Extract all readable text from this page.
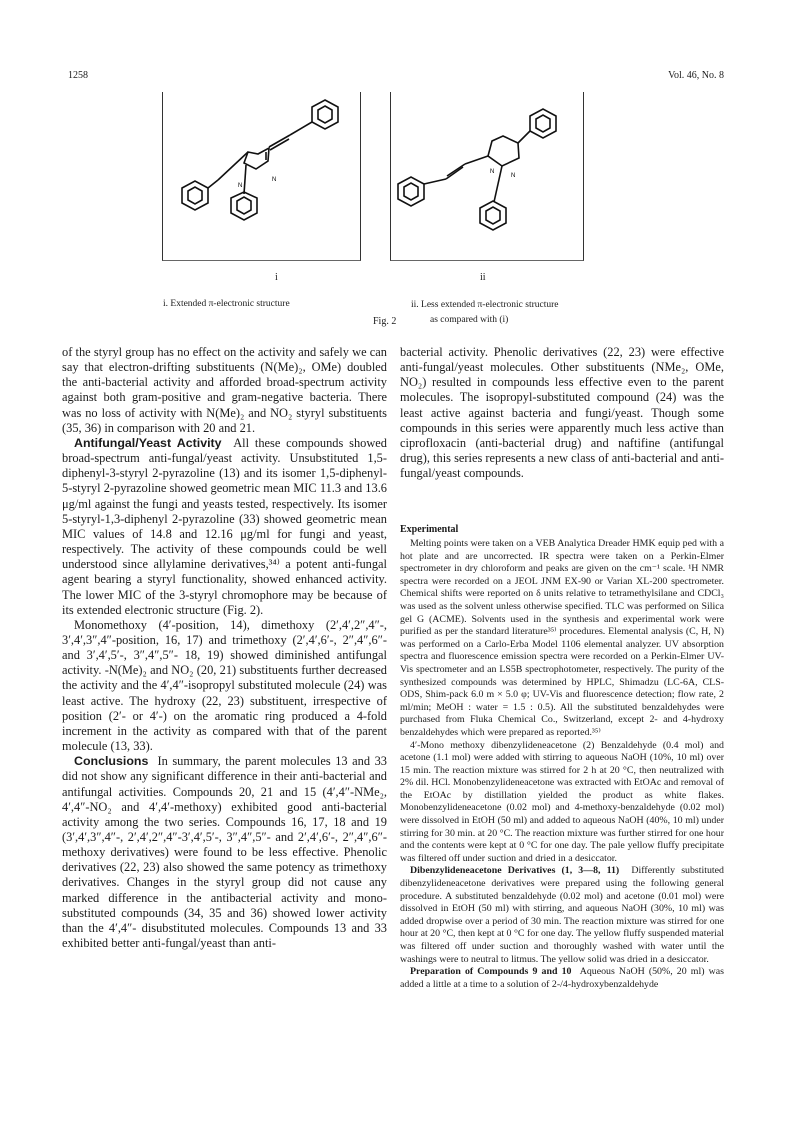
1258	Vol. 46, No. 8
N
N
N
N
i	ii
i. Extended π-electronic structure	ii. Less extended π-electronic structure
as compared with (i)
Fig. 2

of the styryl group has no effect on the activity and safely we can say that electron-drifting substituents (N(Me)₂, OMe) doubled the anti-bacterial activity and afforded broad-spectrum activity against both gram-positive and gram-negative bacteria. There was no loss of activity with N(Me)₂ and NO₂ styryl substituents (35, 36) in comparison with 20 and 21.

Antifungal/Yeast Activity All these compounds showed broad-spectrum anti-fungal/yeast activity. Unsubstituted 1,5-diphenyl-3-styryl 2-pyrazoline (13) and its isomer 1,5-diphenyl-5-styryl 2-pyrazoline showed geometric mean MIC 11.3 and 13.6 μg/ml against the fungi and yeasts tested, respectively. Its isomer 5-styryl-1,3-diphenyl 2-pyrazoline (33) showed geometric mean MIC values of 14.8 and 12.16 μg/ml for fungi and yeast, respectively. The activity of these compounds could be well understood since allylamine derivatives,³⁴⁾ a potent anti-fungal agent bearing a styryl functionality, showed enhanced activity. The lower MIC of the 3-styryl chromophore may be because of its extended electronic structure (Fig. 2).

Monomethoxy (4′-position, 14), dimethoxy (2′,4′,2″,4″-, 3′,4′,3″,4″-position, 16, 17) and trimethoxy (2′,4′,6′-, 2″,4″,6″- and 3′,4′,5′-, 3″,4″,5″- 18, 19) showed diminished antifungal activity. -N(Me)₂ and NO₂ (20, 21) substituents further decreased the activity and the 4′,4″-isopropyl substituted molecule (24) was least active. The hydroxy (22, 23) substituent, irrespective of position (2′- or 4′-) on the aromatic ring produced a 4-fold increment in the activity as compared with that of the parent molecule (13, 33).

Conclusions In summary, the parent molecules 13 and 33 did not show any significant difference in their anti-bacterial and antifungal activities. Compounds 20, 21 and 15 (4′,4″-NMe₂, 4′,4″-NO₂ and 4′,4′-methoxy) exhibited good anti-bacterial activity among the two series. Compounds 16, 17, 18 and 19 (3′,4′,3″,4″-, 2′,4′,2″,4″-3′,4′,5′-, 3″,4″,5″- and 2′,4′,6′-, 2″,4″,6″-methoxy derivatives) were found to be less effective. Phenolic derivatives (22, 23) also showed the same potency as trimethoxy derivatives. Changes in the styryl group did not cause any marked difference in the antibacterial activity and mono-substituted compounds (34, 35 and 36) showed lower activity than the 4′,4″- disubstituted molecules. Compounds 13 and 33 exhibited better anti-fungal/yeast than anti-

bacterial activity. Phenolic derivatives (22, 23) were effective anti-fungal/yeast molecules. Other substituents (NMe₂, OMe, NO₂) resulted in compounds less effective even to the parent molecules. The isopropyl-substituted compound (24) was the least active against bacteria and fungi/yeast. Though some compounds in this series were apparently much less active than ciprofloxacin (anti-bacterial drug) and naftifine (antifungal drug), this series represents a new class of anti-bacterial and anti-fungal/yeast compounds.

Experimental

Melting points were taken on a VEB Analytica Dreader HMK equip ped with a hot plate and are uncorrected. IR spectra were taken on a Perkin-Elmer spectrometer in dry chloroform and peaks are given on the cm⁻¹ scale. ¹H NMR spectra were recorded on a JEOL JNM EX-90 or Varian XL-200 spectrometer. Chemical shifts were reported on δ units relative to tetramethylsilane and CDCl₃ was used as the solvent unless otherwise specified. TLC was performed on Silica gel G (ACME). Solvents used in the synthesis and experimental work were purified as per the standard literature³⁵⁾ procedures. Elemental analysis (C, H, N) was performed on a Carlo-Erba Model 1106 elemental analyzer. UV absorption spectra and fluorescence emission spectra were recorded on a Perkin-Elmer UV-Vis spectrometer and an LS5B spectrophotometer, respectively. The purity of the synthesized compounds was determined by HPLC, Shimadzu (LC-6A, CLS-ODS, Shim-pack 6.0 m × 5.0 φ; UV-Vis and fluorescence detection; flow rate, 2 ml/min; MeOH : water = 1.5 : 0.5). All the substituted benzaldehydes were purchased from Fluka Chemical Co., Switzerland, except 2- and 4-hydroxy benzaldehydes which were prepared as reported.³⁵⁾

4′-Mono methoxy dibenzylideneacetone (2) Benzaldehyde (0.4 mol) and acetone (1.1 mol) were added with stirring to aqueous NaOH (10%, 10 ml) over 15 min. The reaction mixture was stirred for 2 h at 20 °C, then neutralized with 2% dil. HCl. Monobenzylideneacetone was extracted with EtOAc and removal of the EtOAc by distillation yielded the product as white flakes. Monobenzylideneacetone (0.02 mol) and 4-methoxy-benzaldehyde (0.02 mol) were dissolved in EtOH (50 ml) and added to aqueous NaOH (40%, 10 ml) under stirring for 30 min. at 20 °C. The reaction mixture was further stirred for one hour and the contents were kept at 0 °C for one day. The pale yellow fluffy precipitate was filtered off under suction and dried in a desiccator.

Dibenzylideneacetone Derivatives (1, 3—8, 11) Differently substituted dibenzylideneacetone derivatives were prepared using the following general procedure. A substituted benzaldehyde (0.02 mol) and acetone (0.01 mol) were dissolved in EtOH (50 ml) with stirring, and aqueous NaOH (30%, 10 ml) was added dropwise over a period of 30 min. The reaction mixture was stirred for one hour at 20 °C, then kept at 0 °C for one day. The yellow fluffy suspended material was filtered off under suction and thoroughly washed with water until the washings were to neutral to litmus. The yellow solid was dried in a desiccator.

Preparation of Compounds 9 and 10 Aqueous NaOH (50%, 20 ml) was added a little at a time to a solution of 2-/4-hydroxybenzaldehyde
